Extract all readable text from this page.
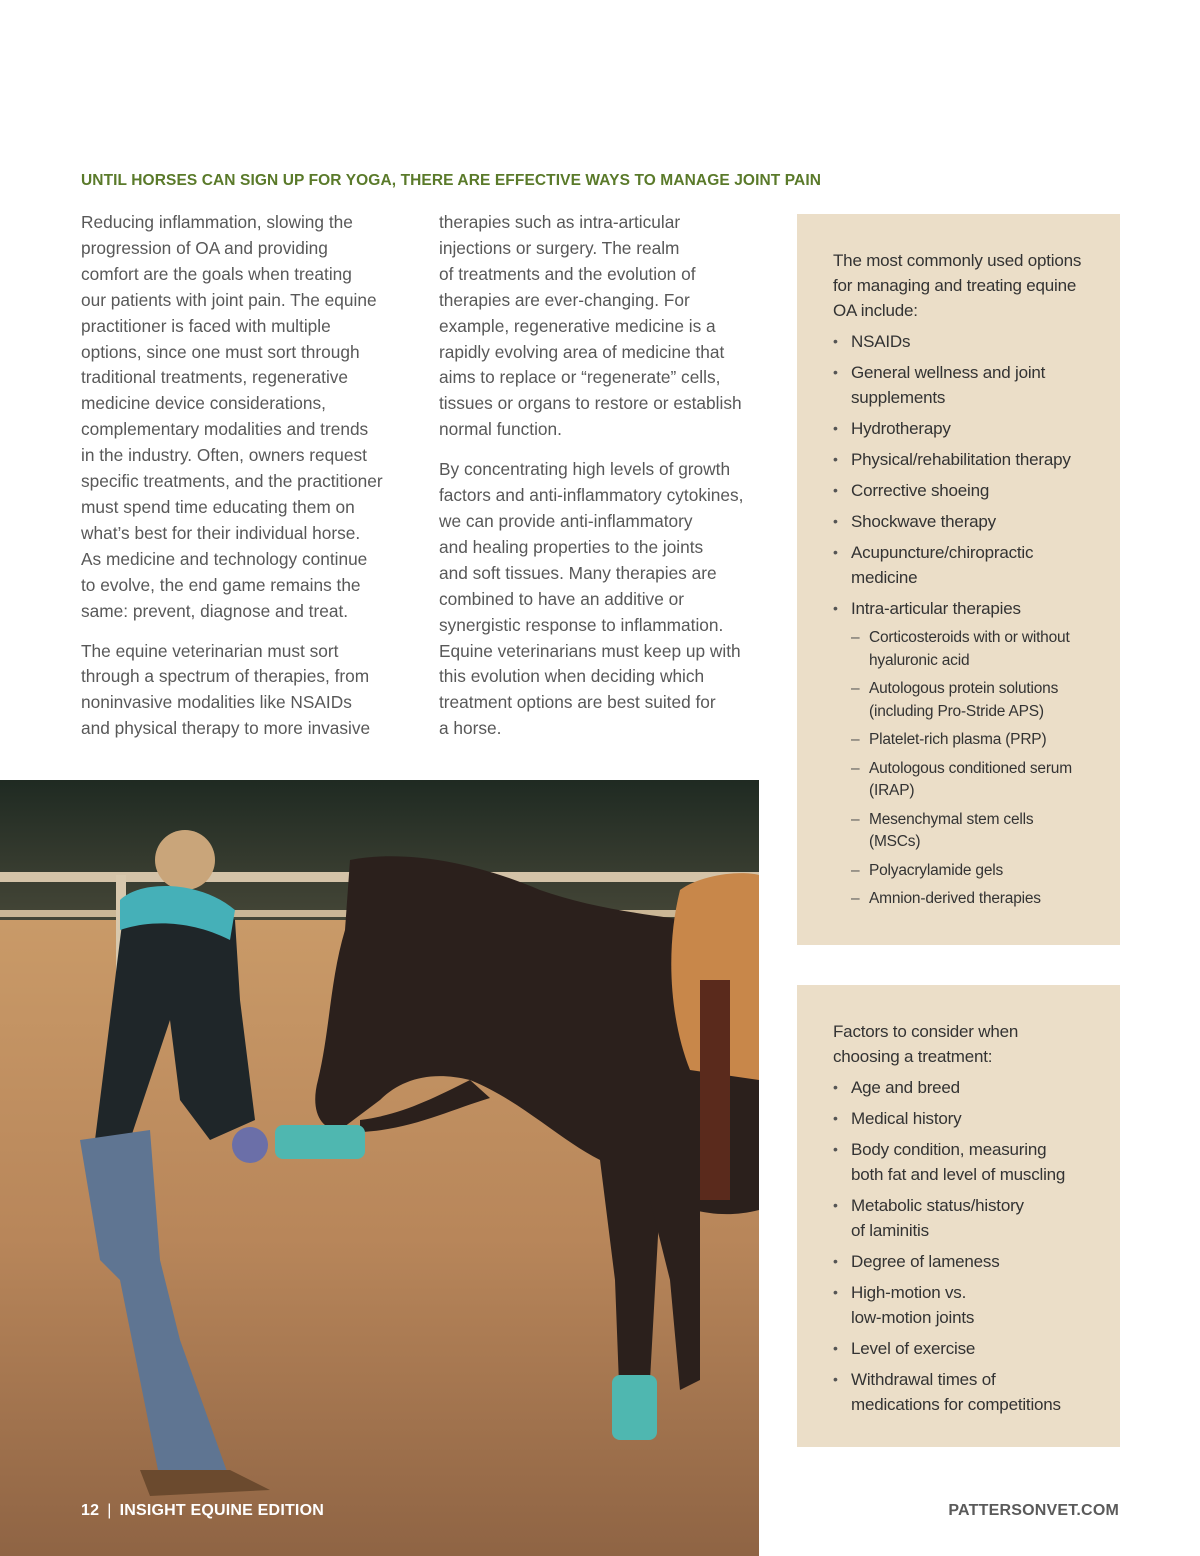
UNTIL HORSES CAN SIGN UP FOR YOGA, THERE ARE EFFECTIVE WAYS TO MANAGE JOINT PAIN

Reducing inflammation, slowing the
progression of OA and providing
comfort are the goals when treating
our patients with joint pain. The equine
practitioner is faced with multiple
options, since one must sort through
traditional treatments, regenerative
medicine device considerations,
complementary modalities and trends
in the industry. Often, owners request
specific treatments, and the practitioner
must spend time educating them on
what’s best for their individual horse.
As medicine and technology continue
to evolve, the end game remains the
same: prevent, diagnose and treat.

The equine veterinarian must sort
through a spectrum of therapies, from
noninvasive modalities like NSAIDs
and physical therapy to more invasive

therapies such as intra-articular
injections or surgery. The realm
of treatments and the evolution of
therapies are ever-changing. For
example, regenerative medicine is a
rapidly evolving area of medicine that
aims to replace or “regenerate” cells,
tissues or organs to restore or establish
normal function.

By concentrating high levels of growth
factors and anti-inflammatory cytokines,
we can provide anti-inflammatory
and healing properties to the joints
and soft tissues. Many therapies are
combined to have an additive or
synergistic response to inflammation.
Equine veterinarians must keep up with
this evolution when deciding which
treatment options are best suited for
a horse.

The most commonly used options
for managing and treating equine
OA include:

• NSAIDs
• General wellness and joint
supplements
• Hydrotherapy
• Physical/rehabilitation therapy
• Corrective shoeing
• Shockwave therapy
• Acupuncture/chiropractic
medicine
• Intra-articular therapies
– Corticosteroids with or without
hyaluronic acid
– Autologous protein solutions
(including Pro-Stride APS)
– Platelet-rich plasma (PRP)
– Autologous conditioned serum
(IRAP)
– Mesenchymal stem cells
(MSCs)
– Polyacrylamide gels
– Amnion-derived therapies

Factors to consider when
choosing a treatment:

• Age and breed
• Medical history
• Body condition, measuring
both fat and level of muscling
• Metabolic status/history
of laminitis
• Degree of lameness
• High-motion vs.
low-motion joints
• Level of exercise
• Withdrawal times of
medications for competitions
12 | INSIGHT EQUINE EDITION	PATTERSONVET.COM
